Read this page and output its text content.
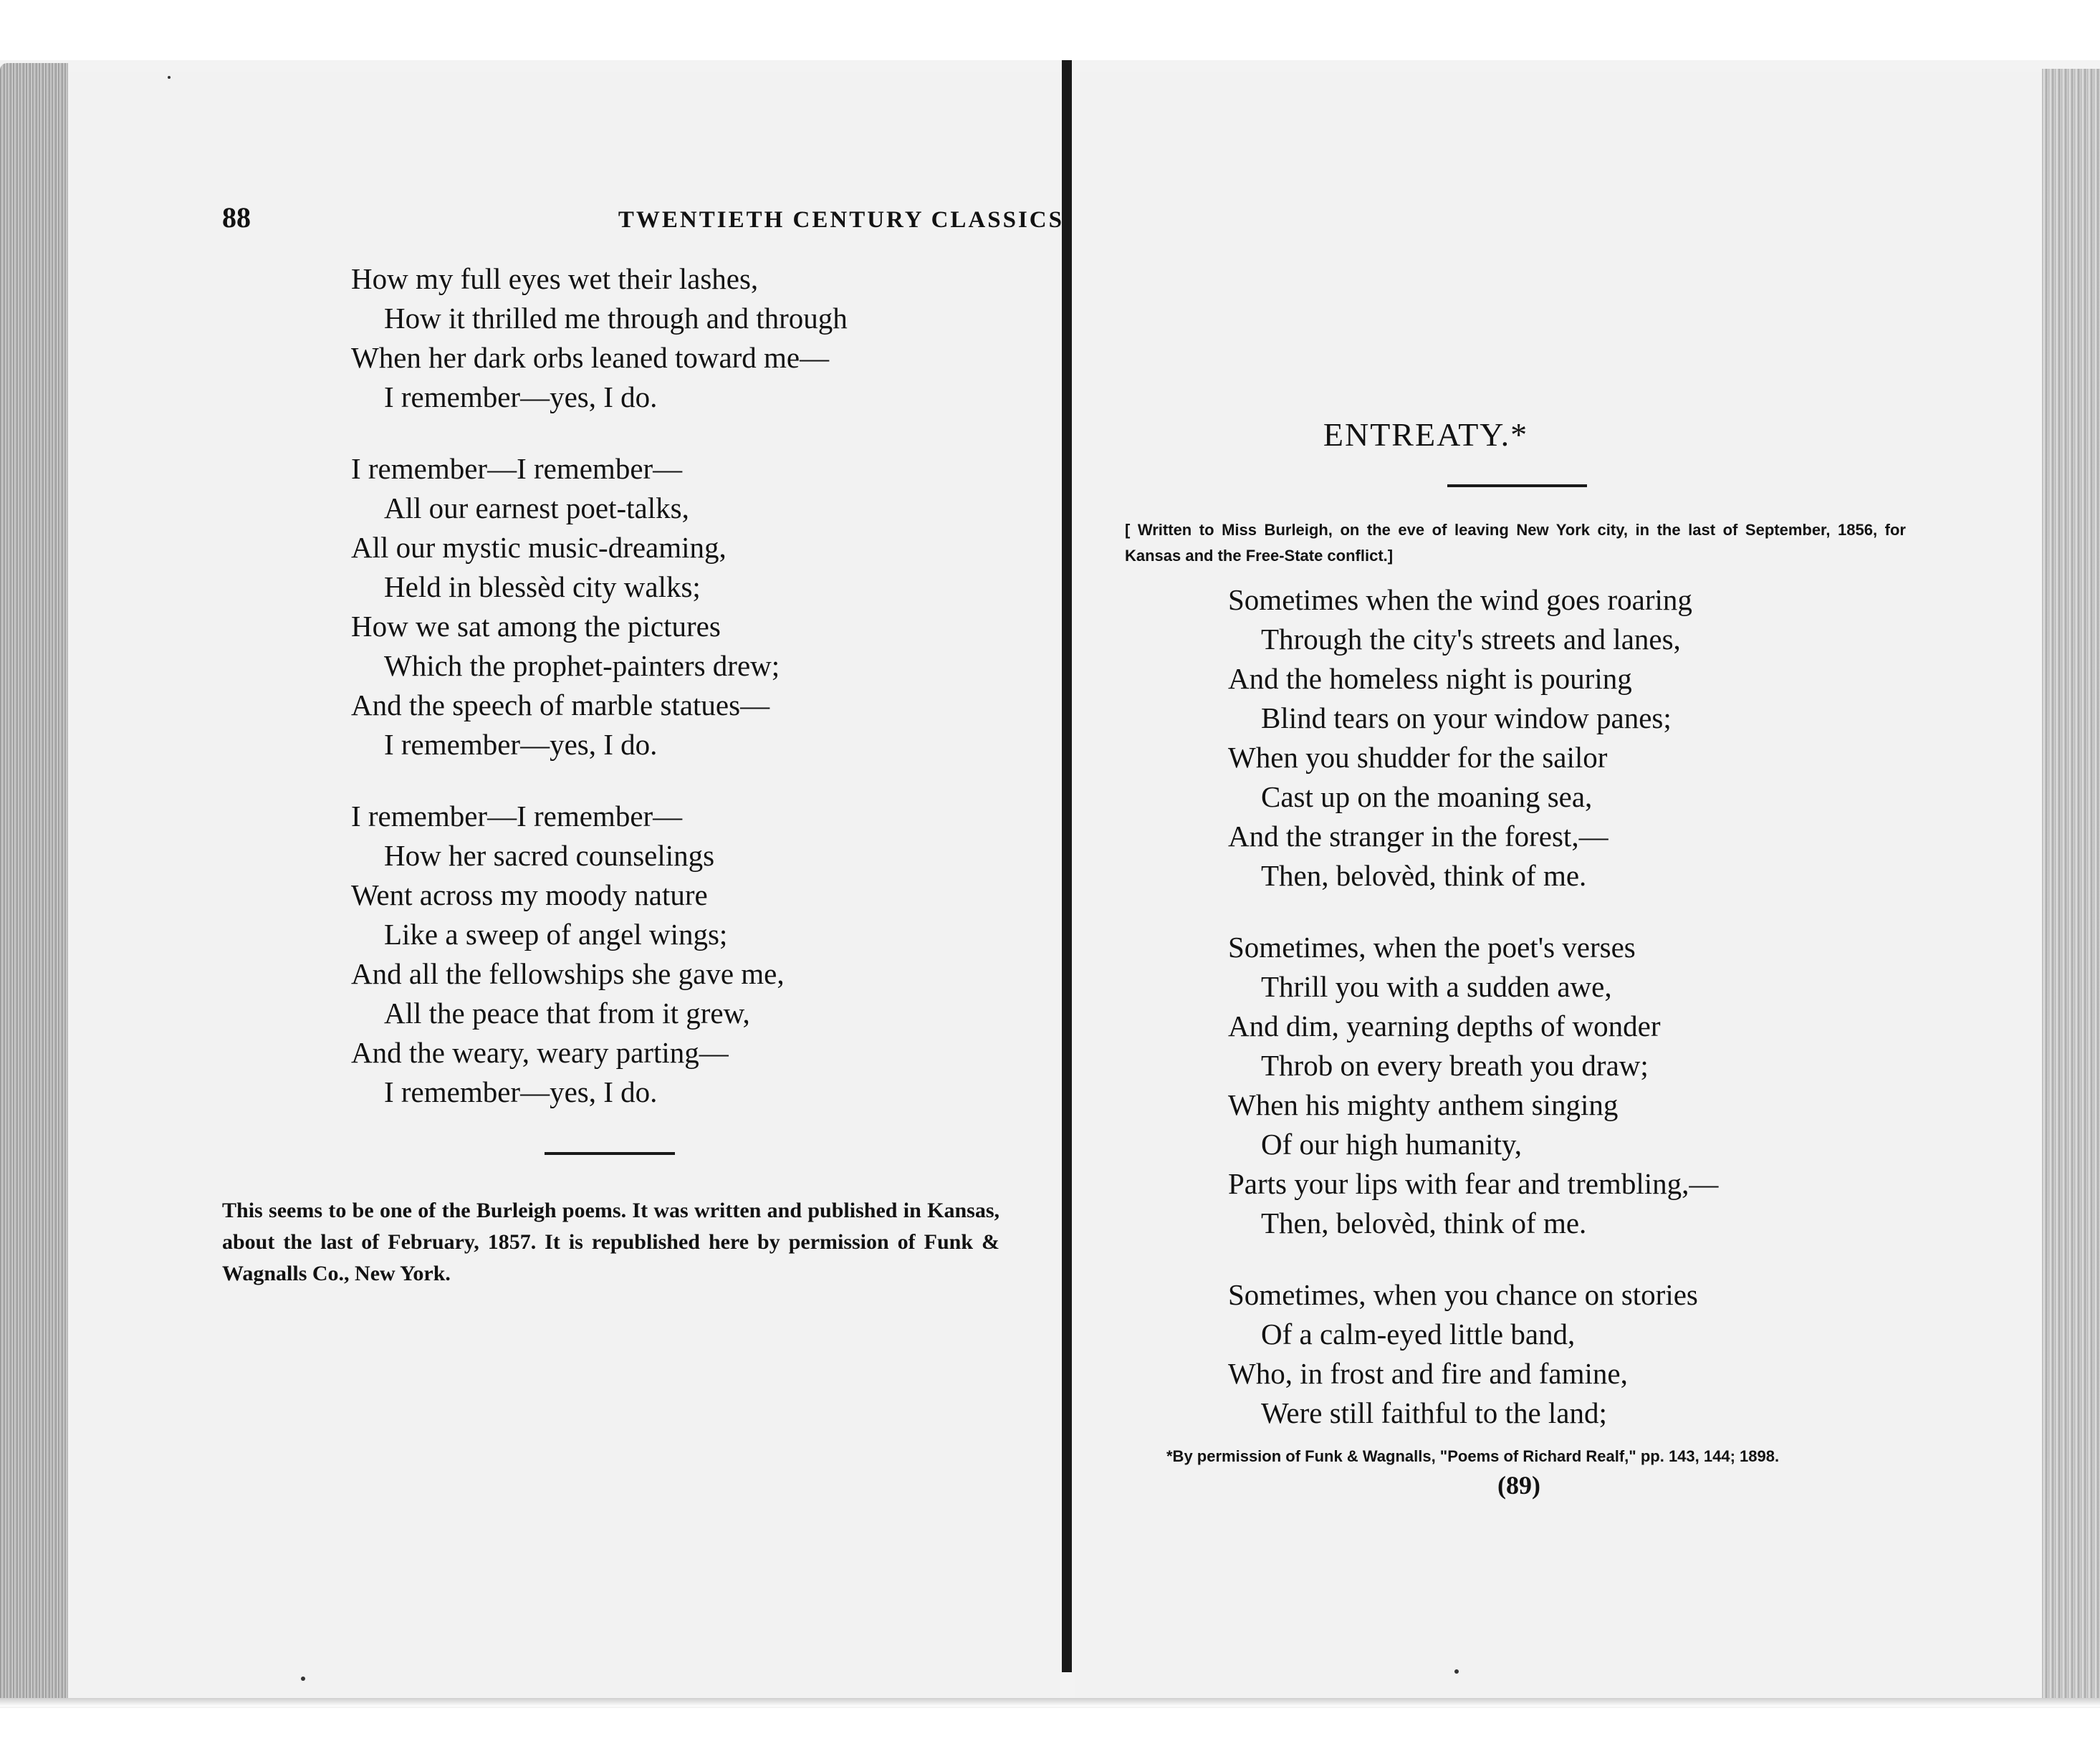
88	TWENTIETH CENTURY CLASSICS
How my full eyes wet their lashes,
How it thrilled me through and through
When her dark orbs leaned toward me—
I remember—yes, I do.
I remember—I remember—
All our earnest poet-talks,
All our mystic music-dreaming,
Held in blessèd city walks;
How we sat among the pictures
Which the prophet-painters drew;
And the speech of marble statues—
I remember—yes, I do.
I remember—I remember—
How her sacred counselings
Went across my moody nature
Like a sweep of angel wings;
And all the fellowships she gave me,
All the peace that from it grew,
And the weary, weary parting—
I remember—yes, I do.
This seems to be one of the Burleigh poems. It was written and published in Kansas, about the last of February, 1857. It is republished here by permission of Funk & Wagnalls Co., New York.
ENTREATY.*
[ Written to Miss Burleigh, on the eve of leaving New York city, in the last of September, 1856, for Kansas and the Free-State conflict.]
Sometimes when the wind goes roaring
Through the city's streets and lanes,
And the homeless night is pouring
Blind tears on your window panes;
When you shudder for the sailor
Cast up on the moaning sea,
And the stranger in the forest,—
Then, belovèd, think of me.
Sometimes, when the poet's verses
Thrill you with a sudden awe,
And dim, yearning depths of wonder
Throb on every breath you draw;
When his mighty anthem singing
Of our high humanity,
Parts your lips with fear and trembling,—
Then, belovèd, think of me.
Sometimes, when you chance on stories
Of a calm-eyed little band,
Who, in frost and fire and famine,
Were still faithful to the land;
*By permission of Funk & Wagnalls, "Poems of Richard Realf," pp. 143, 144; 1898.
(89)
